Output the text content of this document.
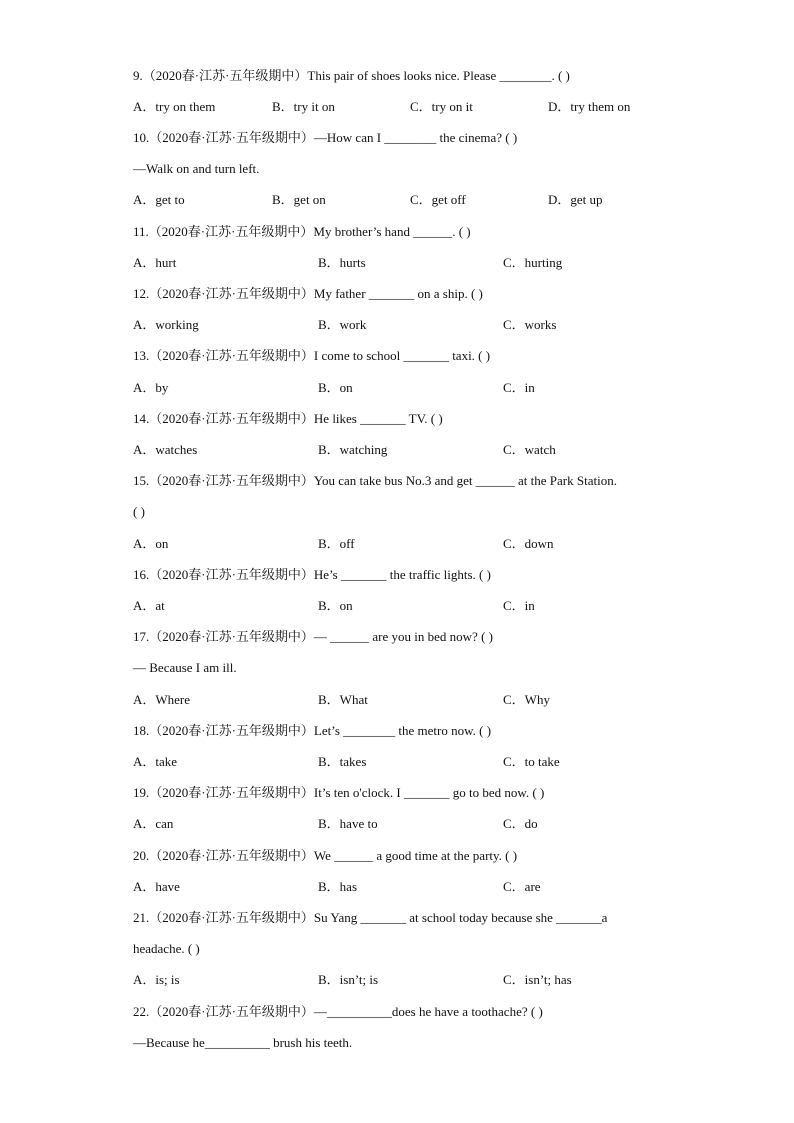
9.（2020春·江苏·五年级期中）This pair of shoes looks nice. Please ________. ( )
A．try on them	B．try it on	C．try on it	D．try them on
10.（2020春·江苏·五年级期中）—How can I ________ the cinema? ( )
—Walk on and turn left.
A．get to	B．get on	C．get off	D．get up
11.（2020春·江苏·五年级期中）My brother’s hand ______. ( )
A．hurt	B．hurts	C．hurting
12.（2020春·江苏·五年级期中）My father _______ on a ship. ( )
A．working	B．work	C．works
13.（2020春·江苏·五年级期中）I come to school _______ taxi. ( )
A．by	B．on	C．in
14.（2020春·江苏·五年级期中）He likes _______ TV. ( )
A．watches	B．watching	C．watch
15.（2020春·江苏·五年级期中）You can take bus No.3 and get ______ at the Park Station.
( )
A．on	B．off	C．down
16.（2020春·江苏·五年级期中）He’s _______ the traffic lights. ( )
A．at	B．on	C．in
17.（2020春·江苏·五年级期中）— ______ are you in bed now? ( )
— Because I am ill.
A．Where	B．What	C．Why
18.（2020春·江苏·五年级期中）Let’s ________ the metro now. ( )
A．take	B．takes	C．to take
19.（2020春·江苏·五年级期中）It’s ten o'clock. I _______ go to bed now. ( )
A．can	B．have to	C．do
20.（2020春·江苏·五年级期中）We ______ a good time at the party. ( )
A．have	B．has	C．are
21.（2020春·江苏·五年级期中）Su Yang _______ at school today because she _______a
headache. ( )
A．is; is	B．isn’t; is	C．isn’t; has
22.（2020春·江苏·五年级期中）—__________does he have a toothache? ( )
—Because he__________ brush his teeth.
